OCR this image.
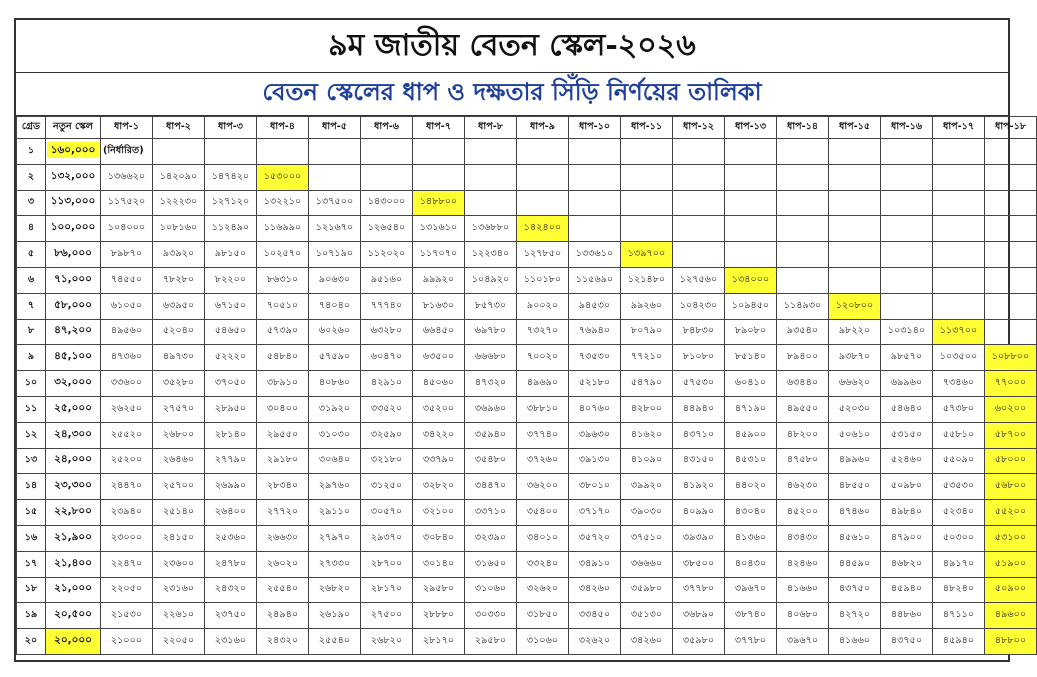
৯ম জাতীয় বেতন স্কেল-২০২৬
বেতন স্কেলের ধাপ ও দক্ষতার সিঁড়ি নির্ণয়ের তালিকা
গ্রেড	নতুন স্কেল	ধাপ-১	ধাপ-২	ধাপ-৩	ধাপ-৪	ধাপ-৫	ধাপ-৬	ধাপ-৭	ধাপ-৮	ধাপ-৯	ধাপ-১০	ধাপ-১১	ধাপ-১২	ধাপ-১৩	ধাপ-১৪	ধাপ-১৫	ধাপ-১৬	ধাপ-১৭	ধাপ-১৮
১	১৬০,০০০	(নির্ধারিত)																	
২	১৩২,০০০	১৩৬৬২০	১৪২০৯০	১৪৭৪২০	১৫৩০০০														
৩	১১৩,০০০	১১৭৫২০	১২২২৩০	১২৭১২০	১৩২২১০	১৩৭৫০০	১৪৩০০০	১৪৮৮০০											
৪	১০০,০০০	১০৪০০০	১০৮১৬০	১১২৪৯০	১১৬৯৯০	১২১৬৭০	১২৬৫৪০	১৩১৬১০	১৩৬৮৮০	১৪২৪০০									
৫	৮৬,০০০	৮৯৮৭০	৯৩৯২০	৯৮১৫০	১০২৫৭০	১০৭১৯০	১১২০২০	১১৭০৭০	১২২৩৪০	১২৭৮৫০	১৩৩৬১০	১৩৯৭০০							
৬	৭১,০০০	৭৪৫৫০	৭৮২৮০	৮২২০০	৮৬৩১০	৯০৬৩০	৯৫১৬০	৯৯৯২০	১০৪৯২০	১১০১৮০	১১৫৬৯০	১২১৪৮০	১২৭৫৬০	১৩৪০০০					
৭	৫৮,০০০	৬১০৫০	৬৩৯৫০	৬৭১৫০	৭০৫১০	৭৪০৪০	৭৭৭৪০	৮১৬৩০	৮৫৭৩০	৯০০২০	৯৪৫৩০	৯৯২৬০	১০৪২৩০	১০৯৪৫০	১১৪৯৩০	১২০৮০০			
৮	৪৭,২০০	৪৯৫৬০	৫২০৪০	৫৪৬৫০	৫৭৩৯০	৬০২৬০	৬৩২৮০	৬৬৪৫০	৬৯৭৮০	৭৩২৭০	৭৬৯৪০	৮০৭৯০	৮৪৮৩০	৮৯০৮০	৯৩৫৪০	৯৮২২০	১০৩১৪০	১১৩৭০০	
৯	৪৫,১০০	৪৭৩৬০	৪৯৭৩০	৫২২২০	৫৪৮৪০	৫৭৫৯০	৬০৪৭০	৬৩৫০০	৬৬৬৮০	৭০০২০	৭৩৫৩০	৭৭২১০	৮১০৮০	৮৫১৪০	৮৯৪০০	৯৩৮৭০	৯৮৫৭০	১০৩৫০০	১০৮৮০০
১০	৩২,০০০	৩৩৬০০	৩৫২৮০	৩৭০৫০	৩৮৯১০	৪০৮৬০	৪২৯১০	৪৫০৬০	৪৭৩২০	৪৯৬৯০	৫২১৮০	৫৪৭৯০	৫৭৫৩০	৬০৪১০	৬৩৪৪০	৬৬৬২০	৬৯৯৬০	৭৩৪৬০	৭৭০০০
১১	২৫,০০০	২৬২৫০	২৭৫৭০	২৮৯৫০	৩০৪০০	৩১৯২০	৩৩৫২০	৩৫২০০	৩৬৯৬০	৩৮৮১০	৪০৭৬০	৪২৮০০	৪৪৯৪০	৪৭১৯০	৪৯৫৫০	৫২০৩০	৫৪৬৪০	৫৭৩৮০	৬০২০০
১২	২৪,৩০০	২৫৫২০	২৬৮০০	২৮১৪০	২৯৫৫০	৩১০৩০	৩২৫৯০	৩৪২২০	৩৫৯৪০	৩৭৭৪০	৩৯৬৩০	৪১৬২০	৪৩৭১০	৪৫৯০০	৪৮২০০	৫০৬১০	৫৩১৫০	৫৫৮১০	৫৮৭০০
১৩	২৪,০০০	২৫২০০	২৬৪৬০	২৭৭৯০	২৯১৮০	৩০৬৪০	৩২১৮০	৩৩৭৯০	৩৫৪৮০	৩৭২৬০	৩৯১৩০	৪১০৯০	৪৩১৫০	৪৫৩১০	৪৭৫৮০	৪৯৯৬০	৫২৪৬০	৫৫০৯০	৫৮০০০
১৪	২৩,৩০০	২৪৪৭০	২৫৭০০	২৬৯৯০	২৮৩৪০	২৯৭৬০	৩১২৫০	৩২৮২০	৩৪৪৭০	৩৬২০০	৩৮০১০	৩৯৯২০	৪১৯২০	৪৪০২০	৪৬২৩০	৪৮৫৫০	৫০৯৮০	৫৩৫৩০	৫৬৮০০
১৫	২২,৮০০	২৩৯৪০	২৫১৪০	২৬৪০০	২৭৭২০	২৯১১০	৩০৫৭০	৩২১০০	৩৩৭১০	৩৫৪০০	৩৭১৭০	৩৯০৩০	৪০৯৯০	৪৩০৪০	৪৫২০০	৪৭৪৬০	৪৯৮৪০	৫২৩৪০	৫৫২০০
১৬	২১,৯০০	২৩০০০	২৪১৫০	২৫৩৬০	২৬৬৩০	২৭৯৭০	২৯৩৭০	৩০৮৪০	৩২৩৯০	৩৪০১০	৩৫৭২০	৩৭৫১০	৩৯৩৯০	৪১৩৬০	৪৩৪৩০	৪৫৬১০	৪৭৯০০	৫০৩০০	৫৩১০০
১৭	২১,৪০০	২২৪৭০	২৩৬০০	২৪৭৮০	২৬০২০	২৭৩৩০	২৮৭০০	৩০১৪০	৩১৬৫০	৩৩২৪০	৩৪৯১০	৩৬৬৬০	৩৮৫০০	৪০৪৩০	৪২৪৬০	৪৪৫৯০	৪৬৮২০	৪৯১৭০	৫১৯০০
১৮	২১,০০০	২২০৫০	২৩১৬০	২৪৩২০	২৫৫৪০	২৬৮২০	২৮১৭০	২৯৫৮০	৩১০৬০	৩২৬২০	৩৪২৬০	৩৫৯৮০	৩৭৭৮০	৩৯৬৭০	৪১৬৬০	৪৩৭৫০	৪৫৯৪০	৪৮২৪০	৫০৯০০
১৯	২০,৫০০	২১৫৩০	২২৬১০	২৩৭৫০	২৪৯৪০	২৬১৯০	২৭৫০০	২৮৮৮০	৩০৩৩০	৩১৮৫০	৩৩৪৫০	৩৫১৩০	৩৬৮৯০	৩৮৭৪০	৪০৬৮০	৪২৭২০	৪৪৮৬০	৪৭১১০	৪৯৬০০
২০	২০,০০০	২১০০০	২২০৫০	২৩১৬০	২৪৩২০	২৫৫৪০	২৬৮২০	২৮১৭০	২৯৫৮০	৩১০৬০	৩২৬২০	৩৪২৬০	৩৫৯৮০	৩৭৭৮০	৩৯৬৭০	৪১৬৬০	৪৩৭৫০	৪৫৯৪০	৪৮৮০০
